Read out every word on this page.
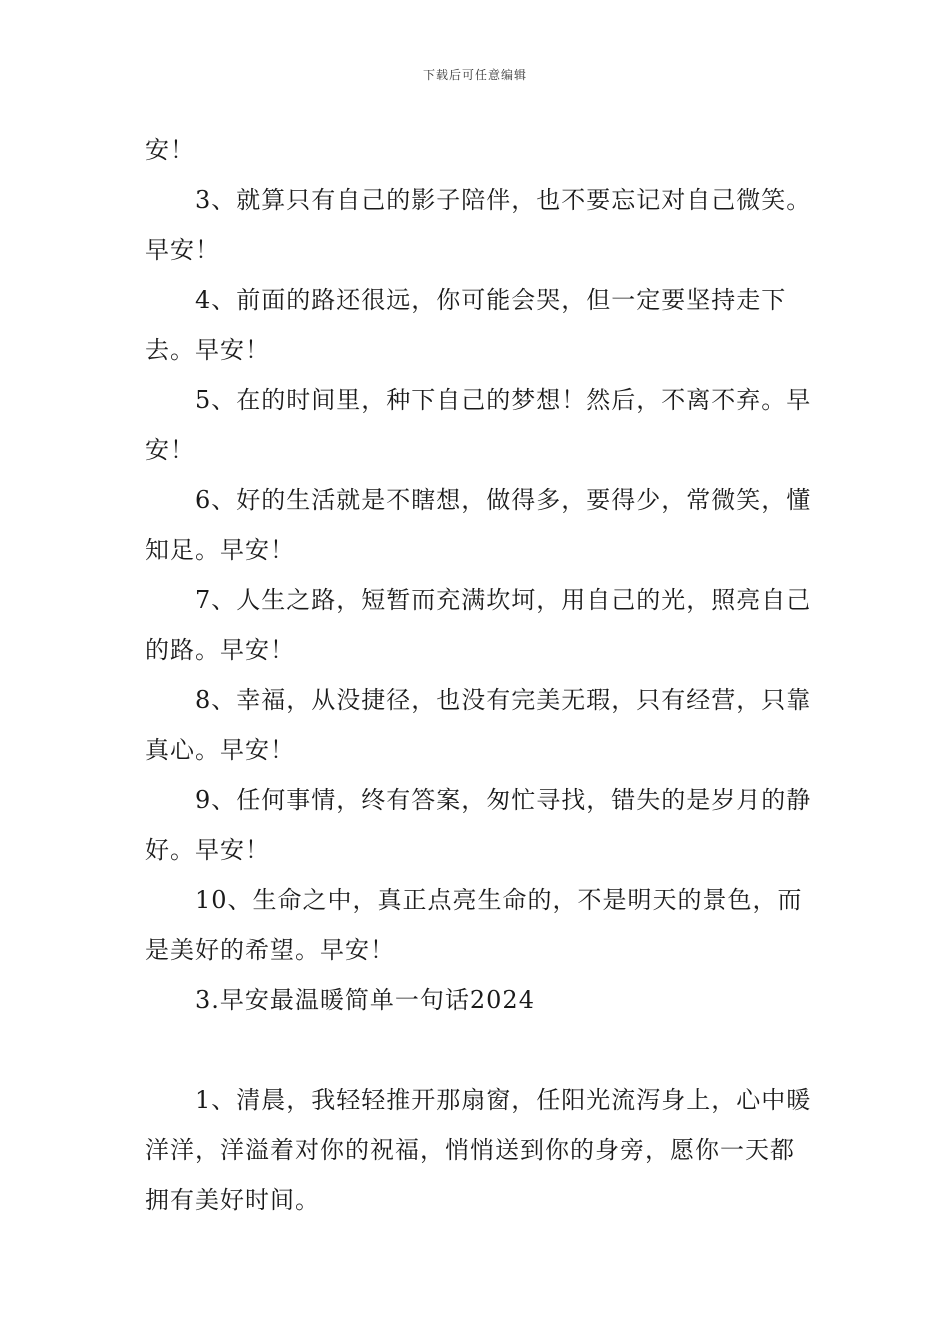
下载后可任意编辑

安！

3、就算只有自己的影子陪伴，也不要忘记对自己微笑。早安！

4、前面的路还很远，你可能会哭，但一定要坚持走下去。早安！

5、在的时间里，种下自己的梦想！然后，不离不弃。早安！

6、好的生活就是不瞎想，做得多，要得少，常微笑，懂知足。早安！

7、人生之路，短暂而充满坎坷，用自己的光，照亮自己的路。早安！

8、幸福，从没捷径，也没有完美无瑕，只有经营，只靠真心。早安！

9、任何事情，终有答案，匆忙寻找，错失的是岁月的静好。早安！

10、生命之中，真正点亮生命的，不是明天的景色，而是美好的希望。早安！

3.早安最温暖简单一句话2024

1、清晨，我轻轻推开那扇窗，任阳光流泻身上，心中暖洋洋，洋溢着对你的祝福，悄悄送到你的身旁，愿你一天都拥有美好时间。
